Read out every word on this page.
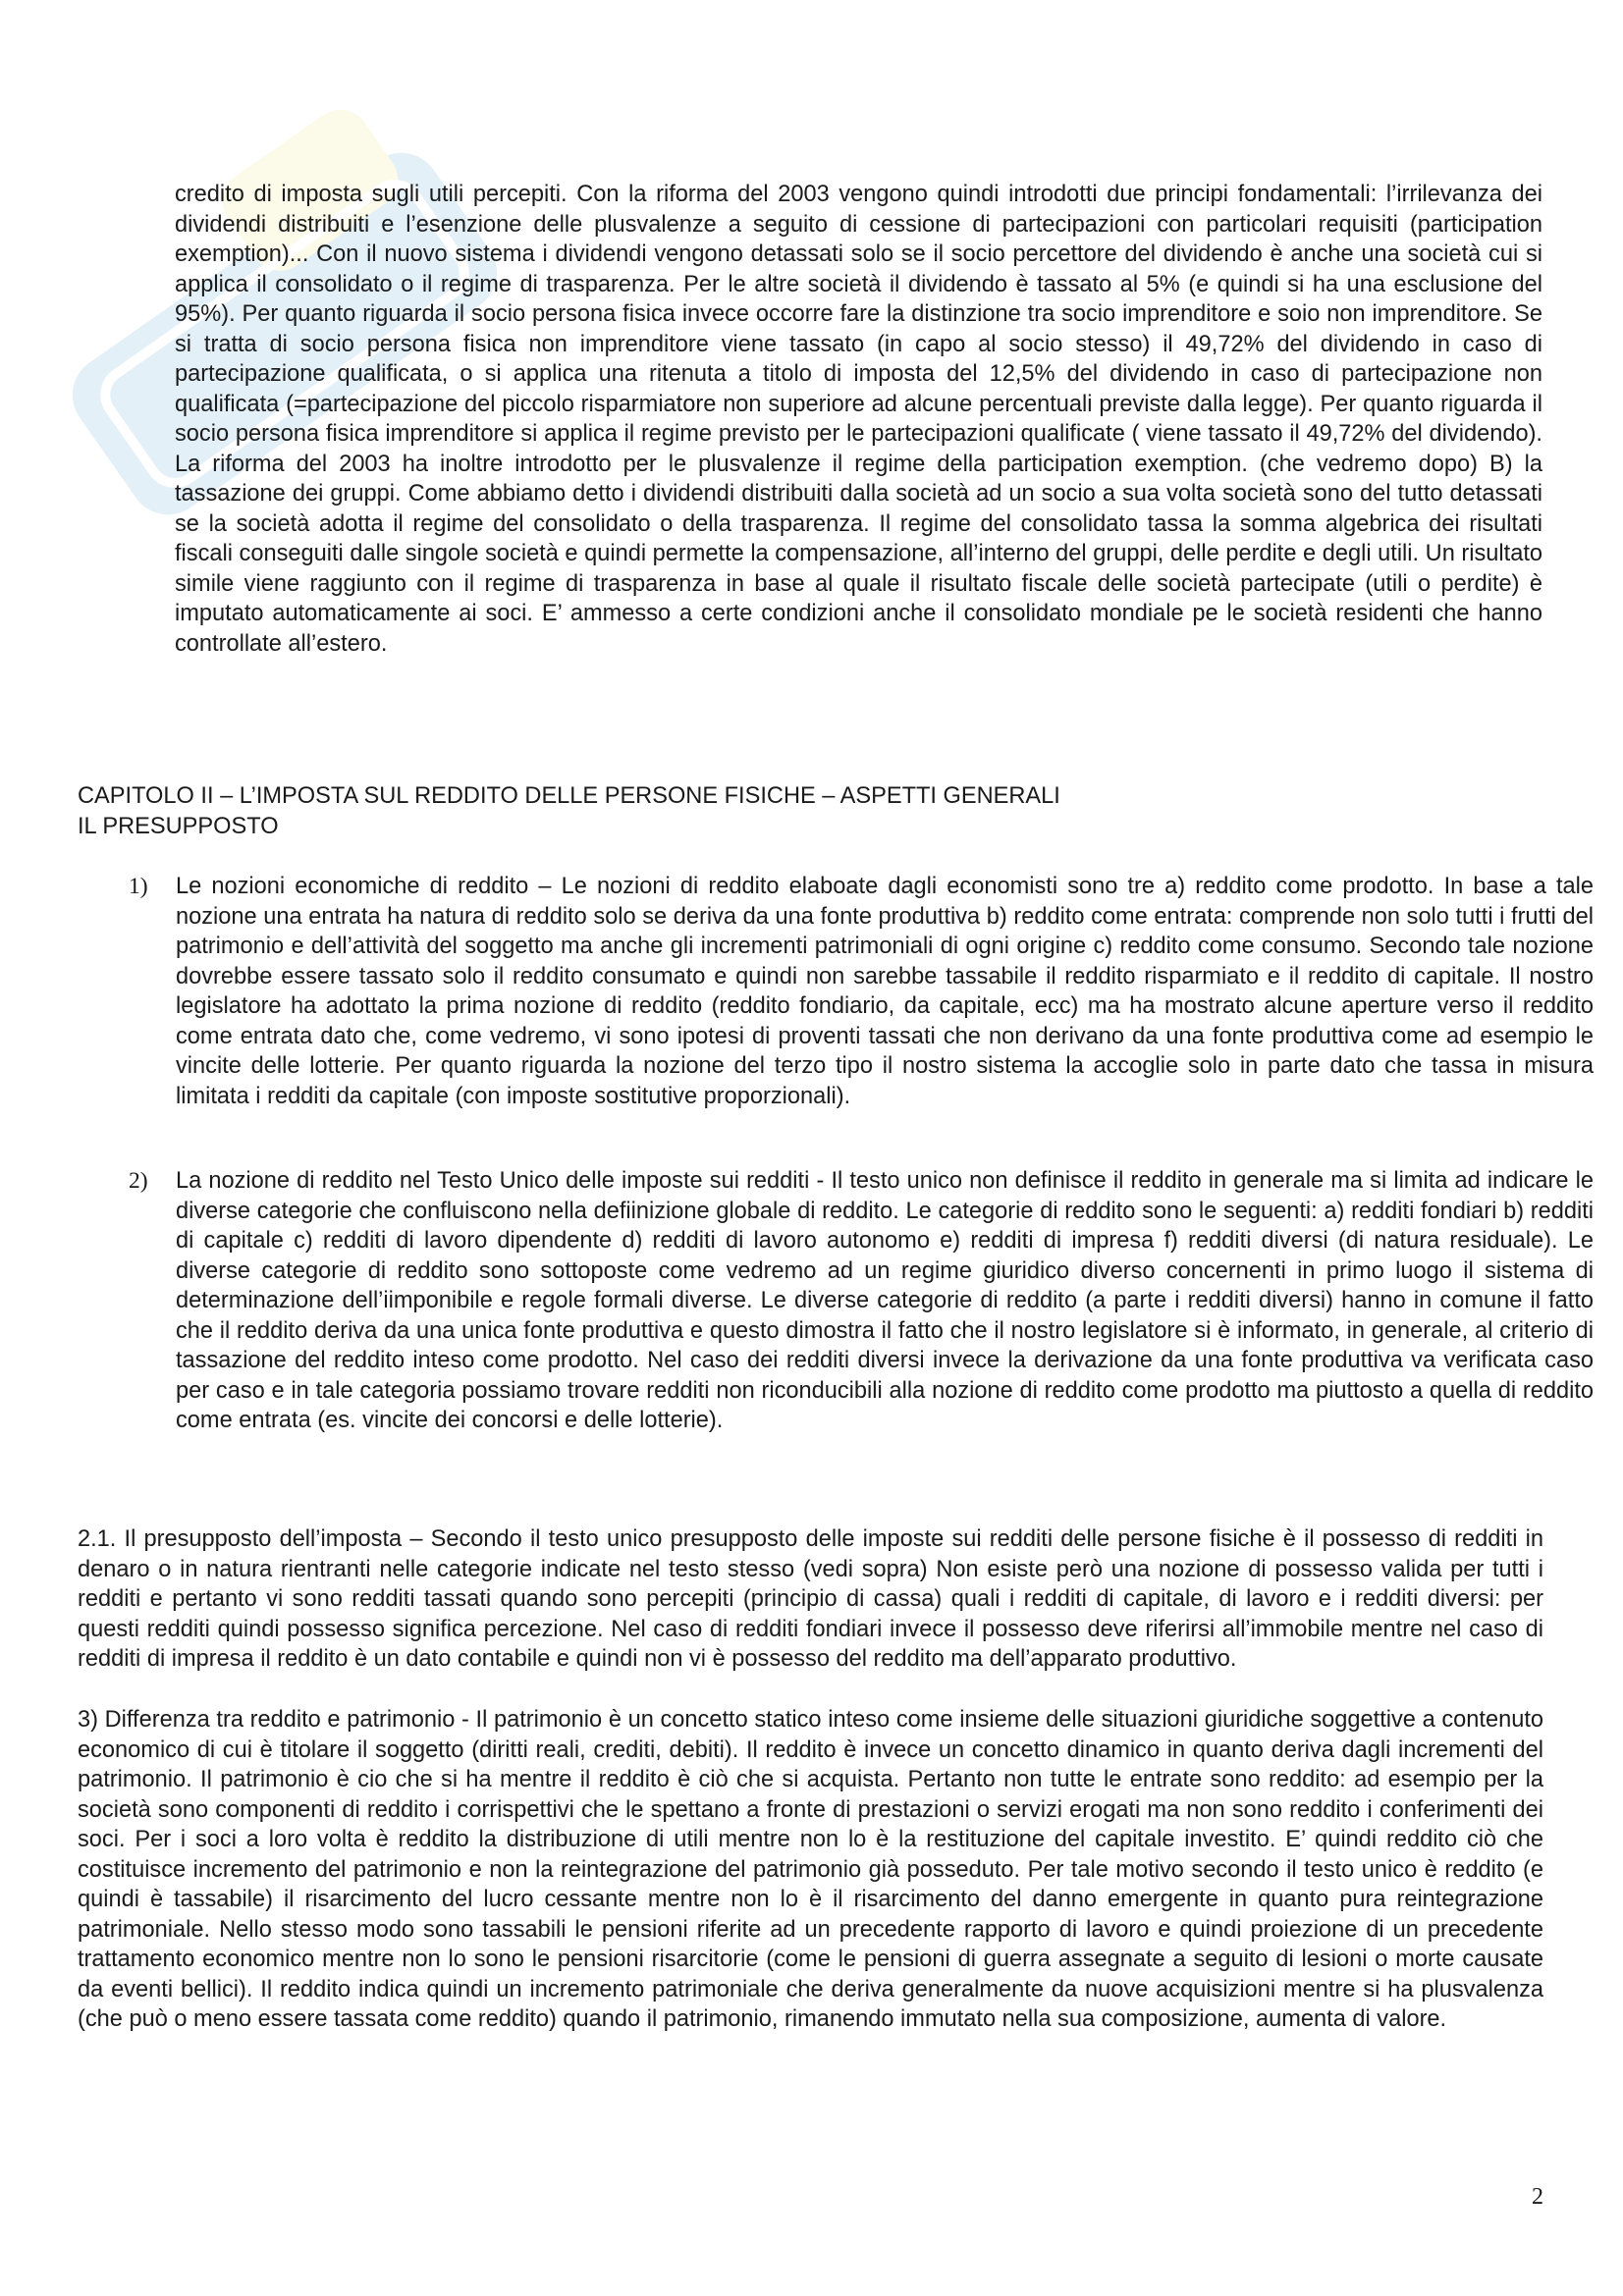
credito di imposta sugli utili percepiti. Con la riforma del 2003 vengono quindi introdotti due principi fondamentali: l’irrilevanza dei dividendi distribuiti e l’esenzione delle plusvalenze a seguito di cessione di partecipazioni con particolari requisiti (participation exemption)... Con il nuovo sistema i dividendi vengono detassati solo se il socio percettore del dividendo è anche una società cui si applica il consolidato o il regime di trasparenza. Per le altre società il dividendo è tassato al 5% (e quindi si ha una esclusione del 95%). Per quanto riguarda il socio persona fisica invece occorre fare la distinzione tra socio imprenditore e soio non imprenditore. Se si tratta di socio persona fisica non imprenditore viene tassato (in capo al socio stesso) il 49,72% del dividendo in caso di partecipazione qualificata, o si applica una ritenuta a titolo di imposta del 12,5% del dividendo in caso di partecipazione non qualificata (=partecipazione del piccolo risparmiatore non superiore ad alcune percentuali previste dalla legge). Per quanto riguarda il socio persona fisica imprenditore si applica il regime previsto per le partecipazioni qualificate ( viene tassato il 49,72% del dividendo). La riforma del 2003 ha inoltre introdotto per le plusvalenze il regime della participation exemption. (che vedremo dopo) B) la tassazione dei gruppi. Come abbiamo detto i dividendi distribuiti dalla società ad un socio a sua volta società sono del tutto detassati se la società adotta il regime del consolidato o della trasparenza. Il regime del consolidato tassa la somma algebrica dei risultati fiscali conseguiti dalle singole società e quindi permette la compensazione, all’interno del gruppi, delle perdite e degli utili. Un risultato simile viene raggiunto con il regime di trasparenza in base al quale il risultato fiscale delle società partecipate (utili o perdite) è imputato automaticamente ai soci. E’ ammesso a certe condizioni anche il consolidato mondiale pe le società residenti che hanno controllate all’estero.

CAPITOLO II – L’IMPOSTA SUL REDDITO DELLE PERSONE FISICHE – ASPETTI GENERALI

IL PRESUPPOSTO

1) Le nozioni economiche di reddito – Le nozioni di reddito elaboate dagli economisti sono tre a) reddito come prodotto. In base a tale nozione una entrata ha natura di reddito solo se deriva da una fonte produttiva b) reddito come entrata: comprende non solo tutti i frutti del patrimonio e dell’attività del soggetto ma anche gli incrementi patrimoniali di ogni origine c) reddito come consumo. Secondo tale nozione dovrebbe essere tassato solo il reddito consumato e quindi non sarebbe tassabile il reddito risparmiato e il reddito di capitale. Il nostro legislatore ha adottato la prima nozione di reddito (reddito fondiario, da capitale, ecc) ma ha mostrato alcune aperture verso il reddito come entrata dato che, come vedremo, vi sono ipotesi di proventi tassati che non derivano da una fonte produttiva come ad esempio le vincite delle lotterie. Per quanto riguarda la nozione del terzo tipo il nostro sistema la accoglie solo in parte dato che tassa in misura limitata i redditi da capitale (con imposte sostitutive proporzionali).

2) La nozione di reddito nel Testo Unico delle imposte sui redditi - Il testo unico non definisce il reddito in generale ma si limita ad indicare le diverse categorie che confluiscono nella defiinizione globale di reddito. Le categorie di reddito sono le seguenti: a) redditi fondiari b) redditi di capitale c) redditi di lavoro dipendente d) redditi di lavoro autonomo e) redditi di impresa f) redditi diversi (di natura residuale). Le diverse categorie di reddito sono sottoposte come vedremo ad un regime giuridico diverso concernenti in primo luogo il sistema di determinazione dell’iimponibile e regole formali diverse. Le diverse categorie di reddito (a parte i redditi diversi) hanno in comune il fatto che il reddito deriva da una unica fonte produttiva e questo dimostra il fatto che il nostro legislatore si è informato, in generale, al criterio di tassazione del reddito inteso come prodotto. Nel caso dei redditi diversi invece la derivazione da una fonte produttiva va verificata caso per caso e in tale categoria possiamo trovare redditi non riconducibili alla nozione di reddito come prodotto ma piuttosto a quella di reddito come entrata (es. vincite dei concorsi e delle lotterie).

2.1. Il presupposto dell’imposta – Secondo il testo unico presupposto delle imposte sui redditi delle persone fisiche è il possesso di redditi in denaro o in natura rientranti nelle categorie indicate nel testo stesso (vedi sopra) Non esiste però una nozione di possesso valida per tutti i redditi e pertanto vi sono redditi tassati quando sono percepiti (principio di cassa) quali i redditi di capitale, di lavoro e i redditi diversi: per questi redditi quindi possesso significa percezione. Nel caso di redditi fondiari invece il possesso deve riferirsi all’immobile mentre nel caso di redditi di impresa il reddito è un dato contabile e quindi non vi è possesso del reddito ma dell’apparato produttivo.

3) Differenza tra reddito e patrimonio - Il patrimonio è un concetto statico inteso come insieme delle situazioni giuridiche soggettive a contenuto economico di cui è titolare il soggetto (diritti reali, crediti, debiti). Il reddito è invece un concetto dinamico in quanto deriva dagli incrementi del patrimonio. Il patrimonio è cio che si ha mentre il reddito è ciò che si acquista. Pertanto non tutte le entrate sono reddito: ad esempio per la società sono componenti di reddito i corrispettivi che le spettano a fronte di prestazioni o servizi erogati ma non sono reddito i conferimenti dei soci. Per i soci a loro volta è reddito la distribuzione di utili mentre non lo è la restituzione del capitale investito. E’ quindi reddito ciò che costituisce incremento del patrimonio e non la reintegrazione del patrimonio già posseduto. Per tale motivo secondo il testo unico è reddito (e quindi è tassabile) il risarcimento del lucro cessante mentre non lo è il risarcimento del danno emergente in quanto pura reintegrazione patrimoniale. Nello stesso modo sono tassabili le pensioni riferite ad un precedente rapporto di lavoro e quindi proiezione di un precedente trattamento economico mentre non lo sono le pensioni risarcitorie (come le pensioni di guerra assegnate a seguito di lesioni o morte causate da eventi bellici). Il reddito indica quindi un incremento patrimoniale che deriva generalmente da nuove acquisizioni mentre si ha plusvalenza (che può o meno essere tassata come reddito) quando il patrimonio, rimanendo immutato nella sua composizione, aumenta di valore.

2
